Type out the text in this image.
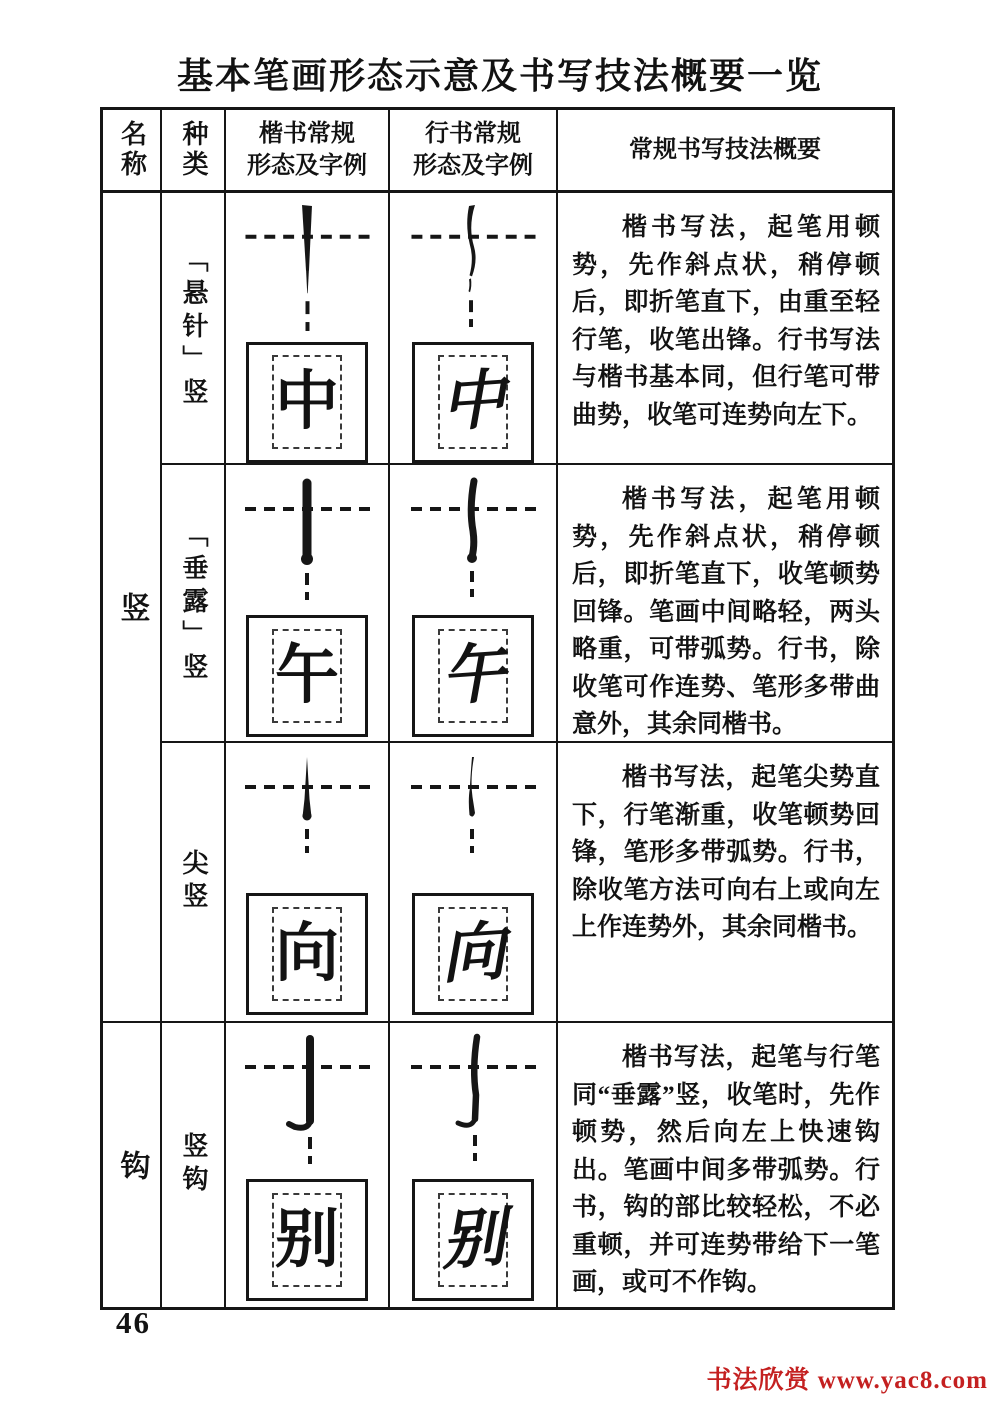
基本笔画形态示意及书写技法概要一览
名称 种类 楷书常规
形态及字例
行书常规
形态及字例
常规书写技法概要
竖
「悬针」竖 中 中

楷书写法，起笔用顿势，先作斜点状，稍停顿后，即折笔直下，由重至轻行笔，收笔出锋。行书写法与楷书基本同，但行笔可带曲势，收笔可连势向左下。

「垂露」竖 午 午

楷书写法，起笔用顿势，先作斜点状，稍停顿后，即折笔直下，收笔顿势回锋。笔画中间略轻，两头略重，可带弧势。行书，除收笔可作连势、笔形多带曲意外，其余同楷书。

尖竖
向 向

楷书写法，起笔尖势直下，行笔渐重，收笔顿势回锋，笔形多带弧势。行书，除收笔方法可向右上或向左上作连势外，其余同楷书。

钩 竖钩
别 别

楷书写法，起笔与行笔同“垂露”竖，收笔时，先作顿势，然后向左上快速钩出。笔画中间多带弧势。行书，钩的部比较轻松，不必重顿，并可连势带给下一笔画，或可不作钩。

46
书法欣赏 www.yac8.com
